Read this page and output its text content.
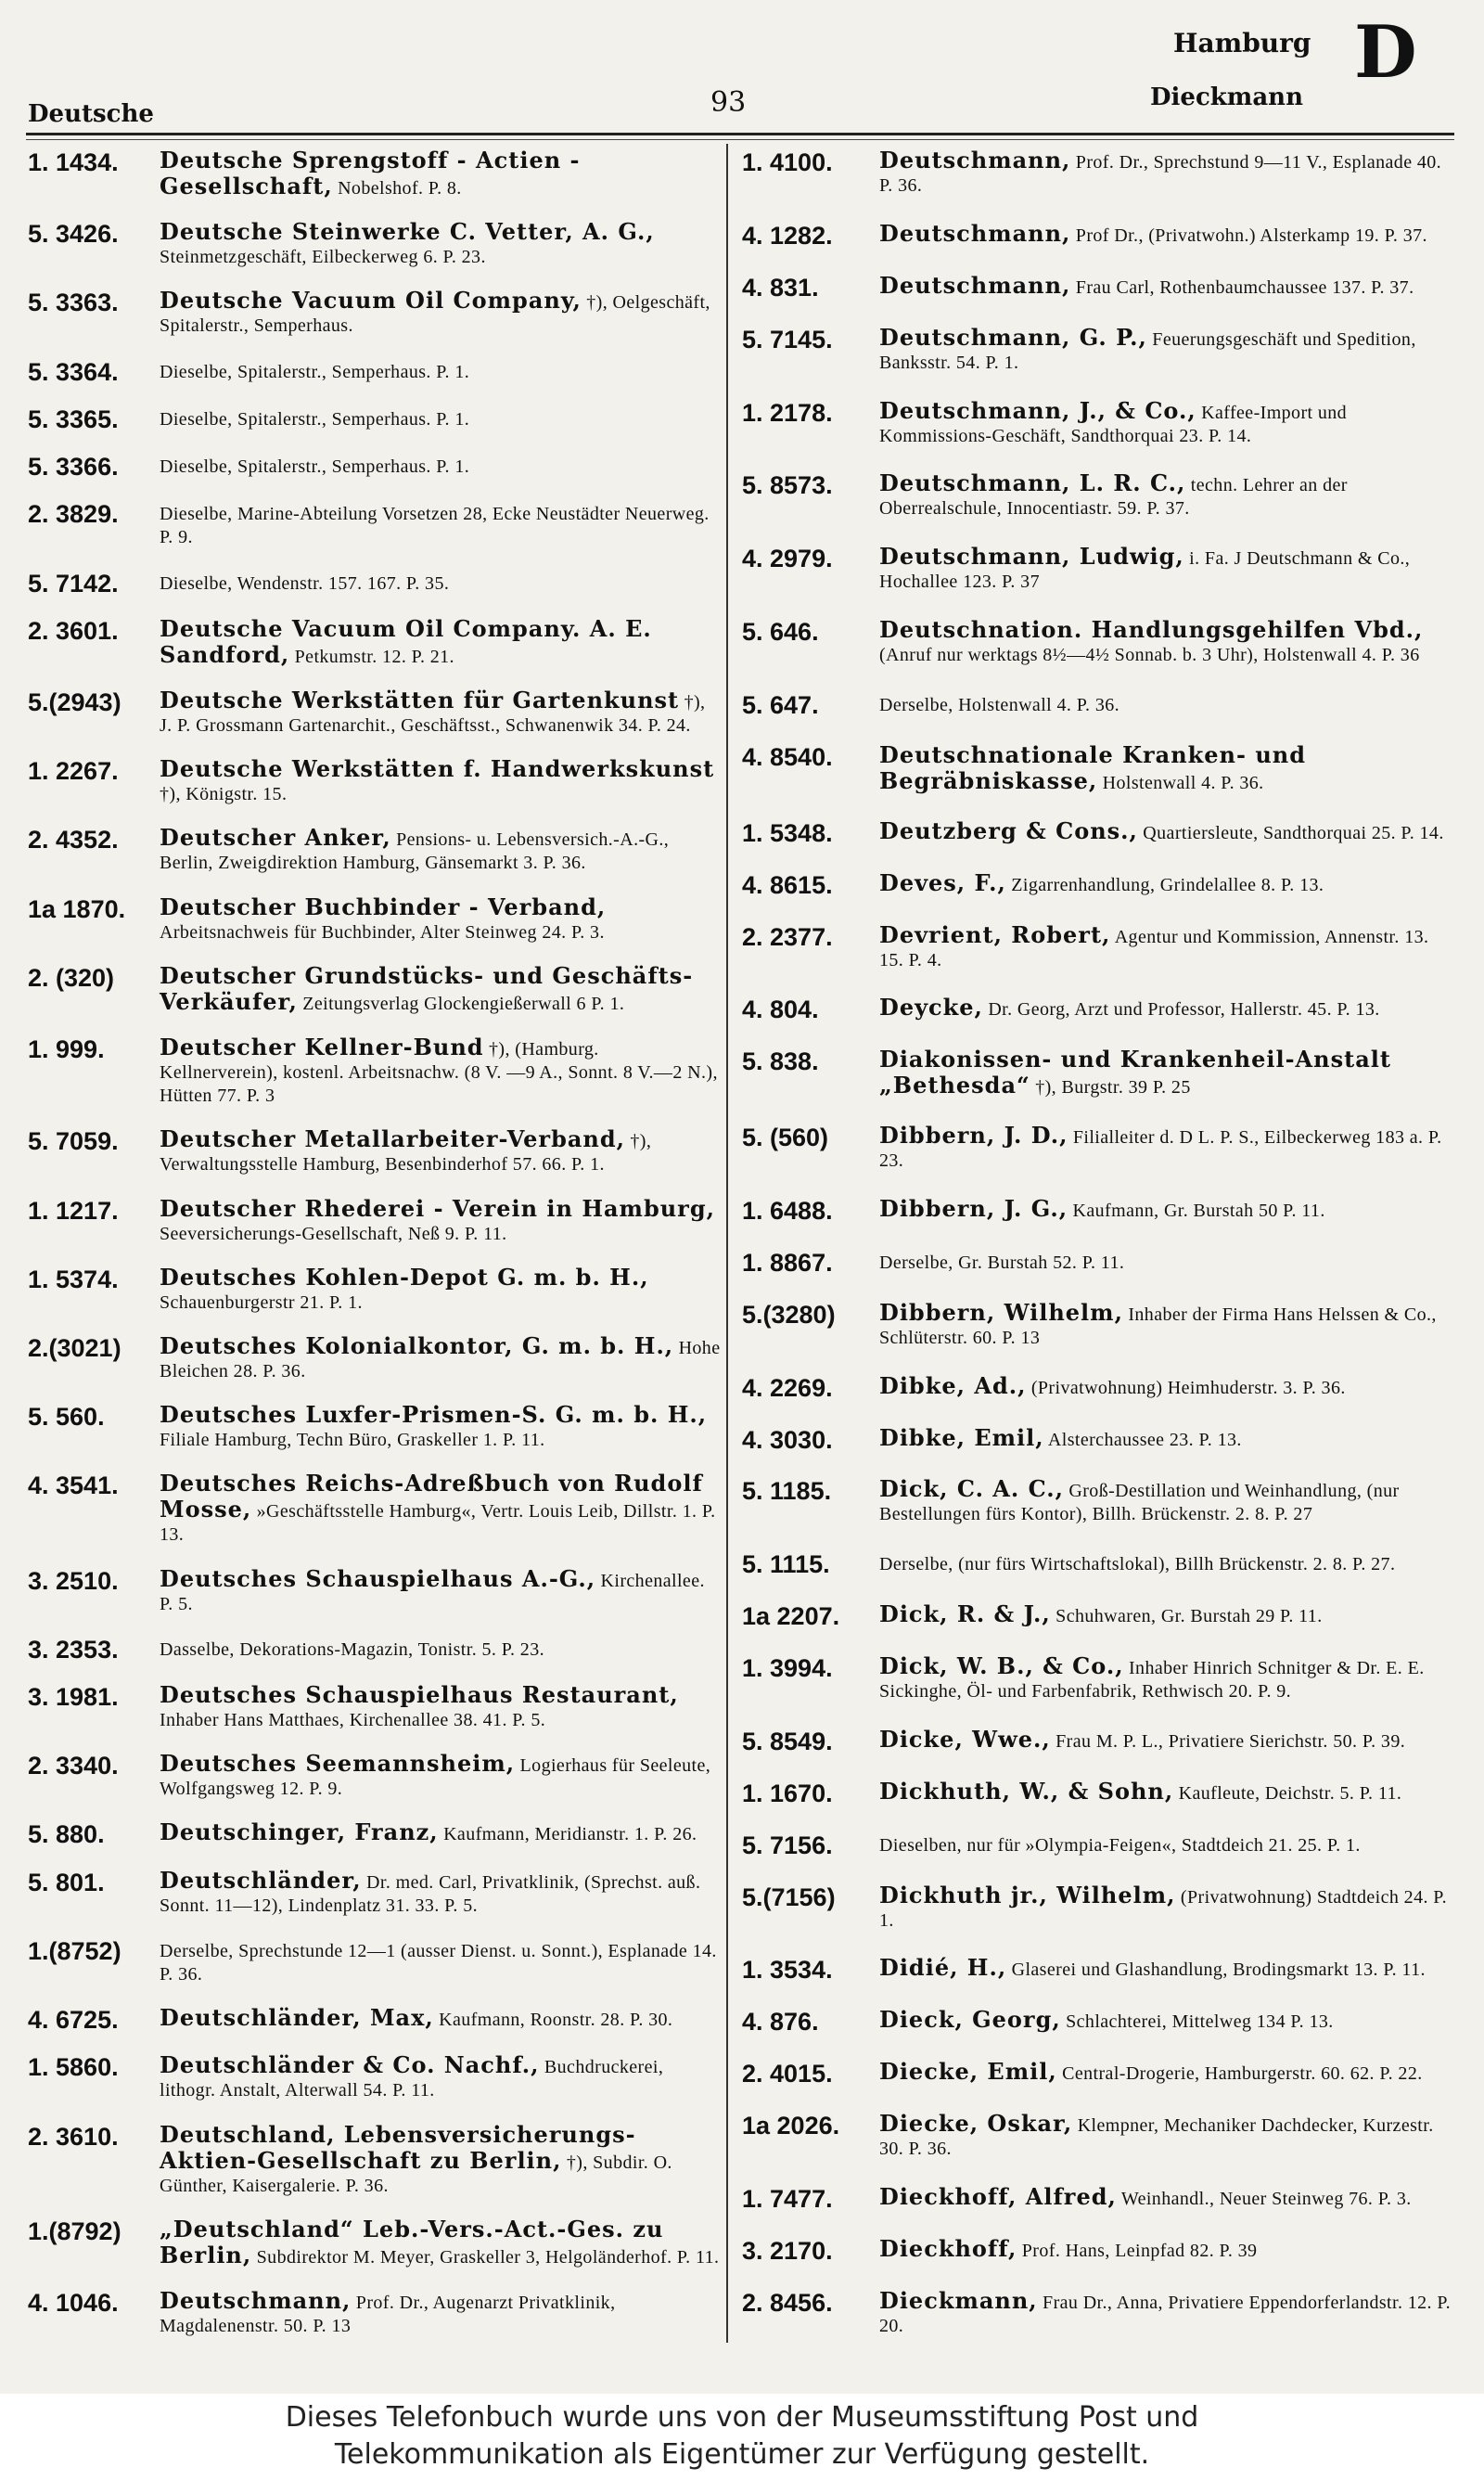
Deutsche	93
Hamburg
Dieckmann
D
1. 1434.	Deutsche Sprengstoff - Actien - Gesellschaft, Nobelshof. P. 8.
5. 3426.	Deutsche Steinwerke C. Vetter, A. G., Steinmetzgeschäft, Eilbeckerweg 6. P. 23.
5. 3363.	Deutsche Vacuum Oil Company, †), Oelgeschäft, Spitalerstr., Semperhaus.
5. 3364.	Dieselbe, Spitalerstr., Semperhaus. P. 1.
5. 3365.	Dieselbe, Spitalerstr., Semperhaus. P. 1.
5. 3366.	Dieselbe, Spitalerstr., Semperhaus. P. 1.
2. 3829.	Dieselbe, Marine-Abteilung Vorsetzen 28, Ecke Neustädter Neuerweg. P. 9.
5. 7142.	Dieselbe, Wendenstr. 157. 167. P. 35.
2. 3601.	Deutsche Vacuum Oil Company. A. E. Sandford, Petkumstr. 12. P. 21.
5.(2943)	Deutsche Werkstätten für Gartenkunst †), J. P. Grossmann Gartenarchit., Geschäftsst., Schwanenwik 34. P. 24.
1. 2267.	Deutsche Werkstätten f. Handwerkskunst †), Königstr. 15.
2. 4352.	Deutscher Anker, Pensions- u. Lebensversich.-A.-G., Berlin, Zweigdirektion Hamburg, Gänsemarkt 3. P. 36.
1a 1870.	Deutscher Buchbinder - Verband, Arbeitsnachweis für Buchbinder, Alter Steinweg 24. P. 3.
2. (320)	Deutscher Grundstücks- und Geschäfts-Verkäufer, Zeitungsverlag Glockengießerwall 6 P. 1.
1. 999.	Deutscher Kellner-Bund †), (Hamburg. Kellnerverein), kostenl. Arbeitsnachw. (8 V. —9 A., Sonnt. 8 V.—2 N.), Hütten 77. P. 3
5. 7059.	Deutscher Metallarbeiter-Verband, †), Verwaltungsstelle Hamburg, Besenbinderhof 57. 66. P. 1.
1. 1217.	Deutscher Rhederei - Verein in Hamburg, Seeversicherungs-Gesellschaft, Neß 9. P. 11.
1. 5374.	Deutsches Kohlen-Depot G. m. b. H., Schauenburgerstr 21. P. 1.
2.(3021)	Deutsches Kolonialkontor, G. m. b. H., Hohe Bleichen 28. P. 36.
5. 560.	Deutsches Luxfer-Prismen-S. G. m. b. H., Filiale Hamburg, Techn Büro, Graskeller 1. P. 11.
4. 3541.	Deutsches Reichs-Adreßbuch von Rudolf Mosse, »Geschäftsstelle Hamburg«, Vertr. Louis Leib, Dillstr. 1. P. 13.
3. 2510.	Deutsches Schauspielhaus A.-G., Kirchenallee. P. 5.
3. 2353.	Dasselbe, Dekorations-Magazin, Tonistr. 5. P. 23.
3. 1981.	Deutsches Schauspielhaus Restaurant, Inhaber Hans Matthaes, Kirchenallee 38. 41. P. 5.
2. 3340.	Deutsches Seemannsheim, Logierhaus für Seeleute, Wolfgangsweg 12. P. 9.
5. 880.	Deutschinger, Franz, Kaufmann, Meridianstr. 1. P. 26.
5. 801.	Deutschländer, Dr. med. Carl, Privatklinik, (Sprechst. auß. Sonnt. 11—12), Lindenplatz 31. 33. P. 5.
1.(8752)	Derselbe, Sprechstunde 12—1 (ausser Dienst. u. Sonnt.), Esplanade 14. P. 36.
4. 6725.	Deutschländer, Max, Kaufmann, Roonstr. 28. P. 30.
1. 5860.	Deutschländer & Co. Nachf., Buchdruckerei, lithogr. Anstalt, Alterwall 54. P. 11.
2. 3610.	Deutschland, Lebensversicherungs-Aktien-Gesellschaft zu Berlin, †), Subdir. O. Günther, Kaisergalerie. P. 36.
1.(8792)	„Deutschland“ Leb.-Vers.-Act.-Ges. zu Berlin, Subdirektor M. Meyer, Graskeller 3, Helgoländerhof. P. 11.
4. 1046.	Deutschmann, Prof. Dr., Augenarzt Privatklinik, Magdalenenstr. 50. P. 13
1. 4100.	Deutschmann, Prof. Dr., Sprechstund 9—11 V., Esplanade 40. P. 36.
4. 1282.	Deutschmann, Prof Dr., (Privatwohn.) Alsterkamp 19. P. 37.
4. 831.	Deutschmann, Frau Carl, Rothenbaumchaussee 137. P. 37.
5. 7145.	Deutschmann, G. P., Feuerungsgeschäft und Spedition, Banksstr. 54. P. 1.
1. 2178.	Deutschmann, J., & Co., Kaffee-Import und Kommissions-Geschäft, Sandthorquai 23. P. 14.
5. 8573.	Deutschmann, L. R. C., techn. Lehrer an der Oberrealschule, Innocentiastr. 59. P. 37.
4. 2979.	Deutschmann, Ludwig, i. Fa. J Deutschmann & Co., Hochallee 123. P. 37
5. 646.	Deutschnation. Handlungsgehilfen Vbd., (Anruf nur werktags 8½—4½ Sonnab. b. 3 Uhr), Holstenwall 4. P. 36
5. 647.	Derselbe, Holstenwall 4. P. 36.
4. 8540.	Deutschnationale Kranken- und Begräbniskasse, Holstenwall 4. P. 36.
1. 5348.	Deutzberg & Cons., Quartiersleute, Sandthorquai 25. P. 14.
4. 8615.	Deves, F., Zigarrenhandlung, Grindelallee 8. P. 13.
2. 2377.	Devrient, Robert, Agentur und Kommission, Annenstr. 13. 15. P. 4.
4. 804.	Deycke, Dr. Georg, Arzt und Professor, Hallerstr. 45. P. 13.
5. 838.	Diakonissen- und Krankenheil-Anstalt „Bethesda“ †), Burgstr. 39 P. 25
5. (560)	Dibbern, J. D., Filialleiter d. D L. P. S., Eilbeckerweg 183 a. P. 23.
1. 6488.	Dibbern, J. G., Kaufmann, Gr. Burstah 50 P. 11.
1. 8867.	Derselbe, Gr. Burstah 52. P. 11.
5.(3280)	Dibbern, Wilhelm, Inhaber der Firma Hans Helssen & Co., Schlüterstr. 60. P. 13
4. 2269.	Dibke, Ad., (Privatwohnung) Heimhuderstr. 3. P. 36.
4. 3030.	Dibke, Emil, Alsterchaussee 23. P. 13.
5. 1185.	Dick, C. A. C., Groß-Destillation und Weinhandlung, (nur Bestellungen fürs Kontor), Billh. Brückenstr. 2. 8. P. 27
5. 1115.	Derselbe, (nur fürs Wirtschaftslokal), Billh Brückenstr. 2. 8. P. 27.
1a 2207.	Dick, R. & J., Schuhwaren, Gr. Burstah 29 P. 11.
1. 3994.	Dick, W. B., & Co., Inhaber Hinrich Schnitger & Dr. E. E. Sickinghe, Öl- und Farbenfabrik, Rethwisch 20. P. 9.
5. 8549.	Dicke, Wwe., Frau M. P. L., Privatiere Sierichstr. 50. P. 39.
1. 1670.	Dickhuth, W., & Sohn, Kaufleute, Deichstr. 5. P. 11.
5. 7156.	Dieselben, nur für »Olympia-Feigen«, Stadtdeich 21. 25. P. 1.
5.(7156)	Dickhuth jr., Wilhelm, (Privatwohnung) Stadtdeich 24. P. 1.
1. 3534.	Didié, H., Glaserei und Glashandlung, Brodingsmarkt 13. P. 11.
4. 876.	Dieck, Georg, Schlachterei, Mittelweg 134 P. 13.
2. 4015.	Diecke, Emil, Central-Drogerie, Hamburgerstr. 60. 62. P. 22.
1a 2026.	Diecke, Oskar, Klempner, Mechaniker Dachdecker, Kurzestr. 30. P. 36.
1. 7477.	Dieckhoff, Alfred, Weinhandl., Neuer Steinweg 76. P. 3.
3. 2170.	Dieckhoff, Prof. Hans, Leinpfad 82. P. 39
2. 8456.	Dieckmann, Frau Dr., Anna, Privatiere Eppendorferlandstr. 12. P. 20.
Dieses Telefonbuch wurde uns von der Museumsstiftung Post und
Telekommunikation als Eigentümer zur Verfügung gestellt.
